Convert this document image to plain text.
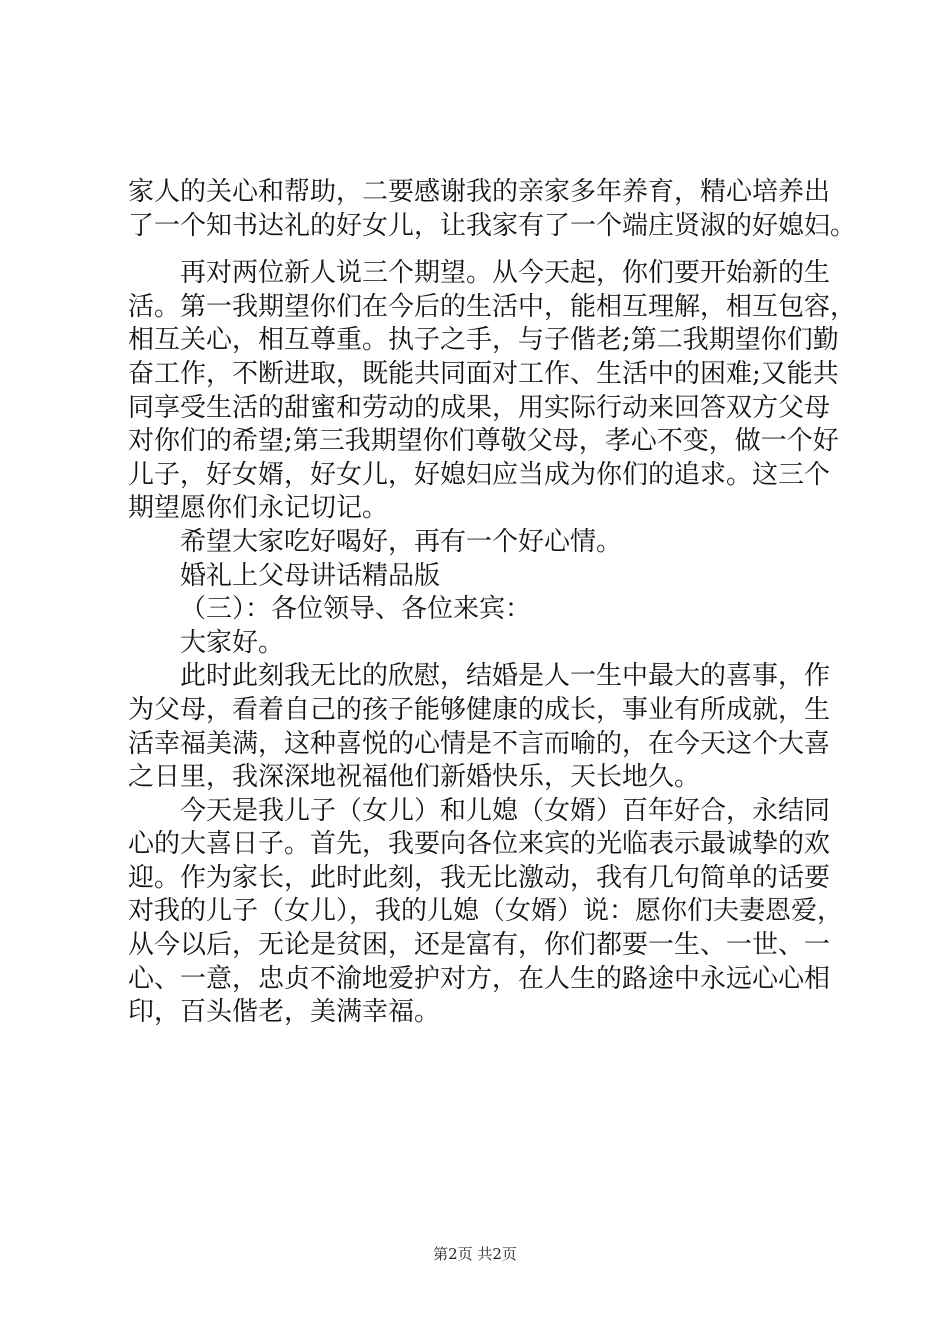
家人的关心和帮助，二要感谢我的亲家多年养育，精心培养出
了一个知书达礼的好女儿，让我家有了一个端庄贤淑的好媳妇。
再对两位新人说三个期望。从今天起，你们要开始新的生
活。第一我期望你们在今后的生活中，能相互理解，相互包容，
相互关心，相互尊重。执子之手，与子偕老;第二我期望你们勤
奋工作，不断进取，既能共同面对工作、生活中的困难;又能共
同享受生活的甜蜜和劳动的成果，用实际行动来回答双方父母
对你们的希望;第三我期望你们尊敬父母，孝心不变，做一个好
儿子，好女婿，好女儿，好媳妇应当成为你们的追求。这三个
期望愿你们永记切记。
希望大家吃好喝好，再有一个好心情。
婚礼上父母讲话精品版
（三）：各位领导、各位来宾：
大家好。
此时此刻我无比的欣慰，结婚是人一生中最大的喜事，作
为父母，看着自己的孩子能够健康的成长，事业有所成就，生
活幸福美满，这种喜悦的心情是不言而喻的，在今天这个大喜
之日里，我深深地祝福他们新婚快乐，天长地久。
今天是我儿子（女儿）和儿媳（女婿）百年好合，永结同
心的大喜日子。首先，我要向各位来宾的光临表示最诚挚的欢
迎。作为家长，此时此刻，我无比激动，我有几句简单的话要
对我的儿子（女儿），我的儿媳（女婿）说：愿你们夫妻恩爱，
从今以后，无论是贫困，还是富有，你们都要一生、一世、一
心、一意，忠贞不渝地爱护对方，在人生的路途中永远心心相
印，百头偕老，美满幸福。
第2页 共2页
